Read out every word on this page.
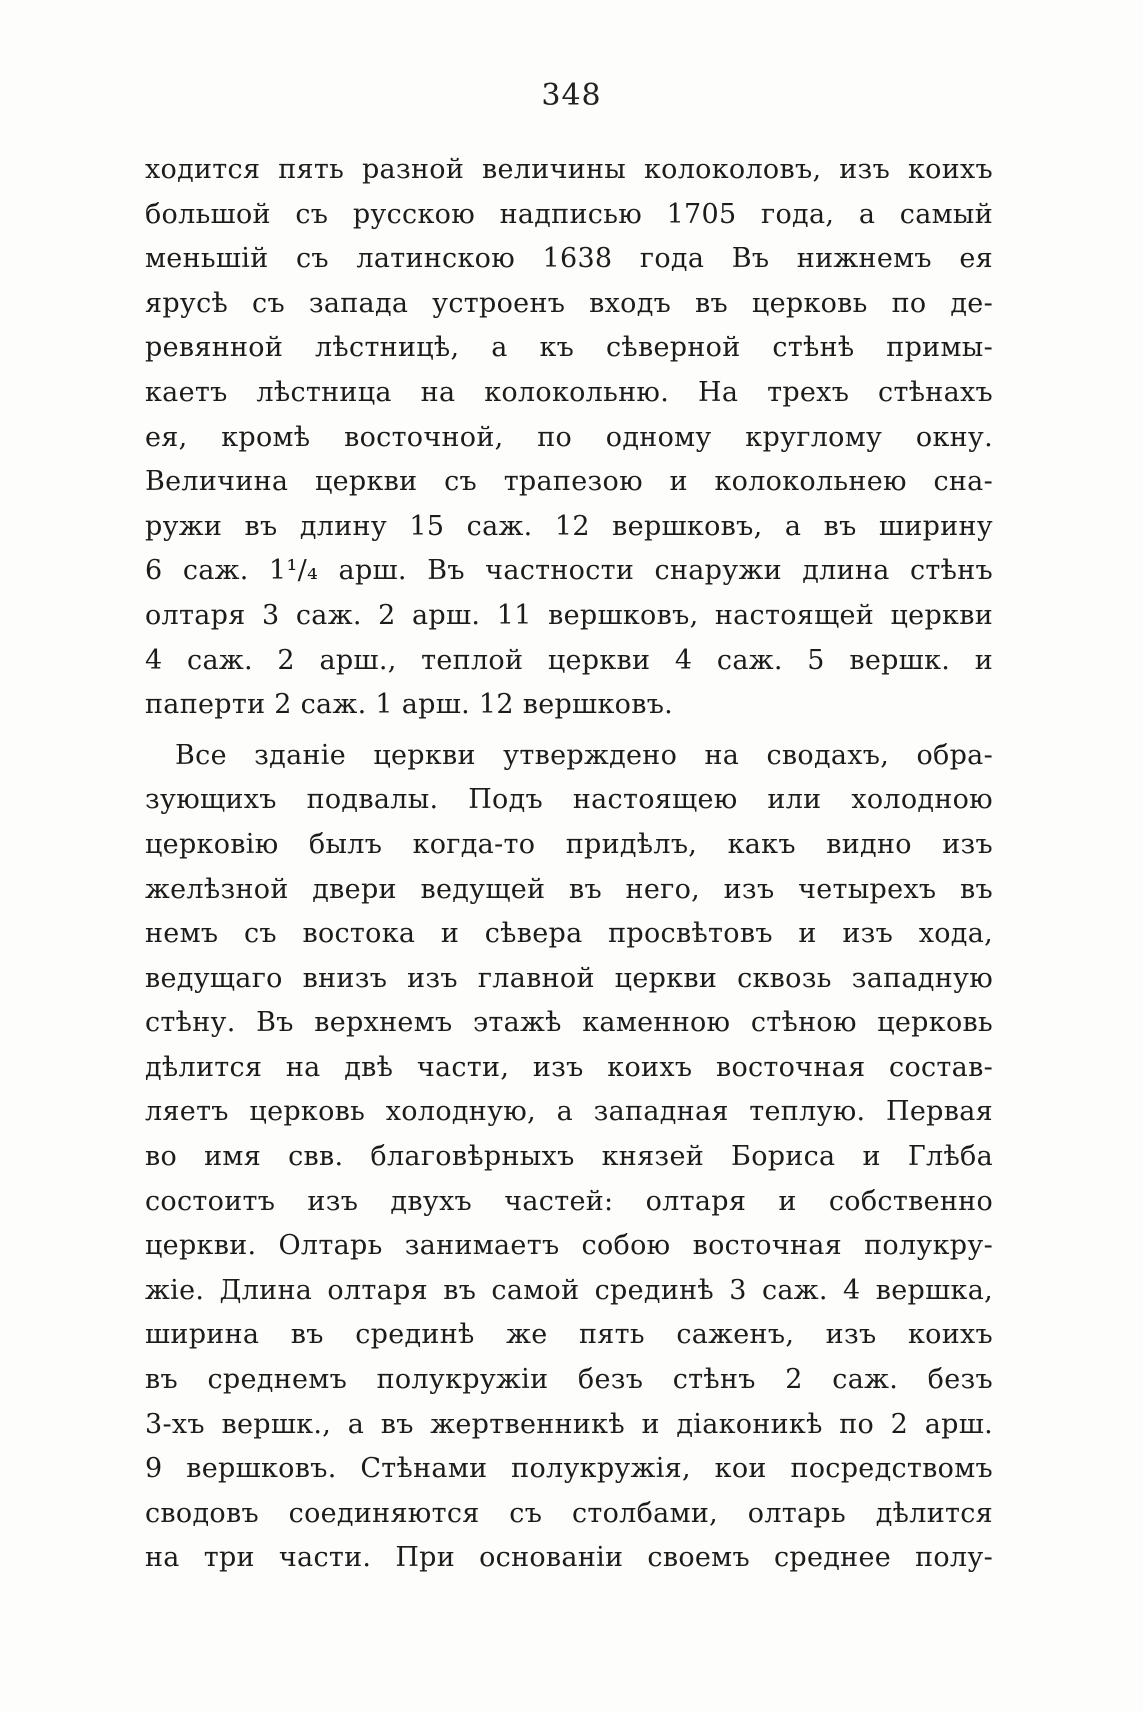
348
ходится пять разной величины колоколовъ, изъ коихъ
большой съ русскою надписью 1705 года, а самый
меньшій съ латинскою 1638 года Въ нижнемъ ея
ярусѣ съ запада устроенъ входъ въ церковь по де-
ревянной лѣстницѣ, а къ сѣверной стѣнѣ примы-
каетъ лѣстница на колокольню. На трехъ стѣнахъ
ея, кромѣ восточной, по одному круглому окну.
Величина церкви съ трапезою и колокольнею сна-
ружи въ длину 15 саж. 12 вершковъ, а въ ширину
6 саж. 1¹/₄ арш. Въ частности снаружи длина стѣнъ
олтаря 3 саж. 2 арш. 11 вершковъ, настоящей церкви
4 саж. 2 арш., теплой церкви 4 саж. 5 вершк. и
паперти 2 саж. 1 арш. 12 вершковъ.
Все зданіе церкви утверждено на сводахъ, обра-
зующихъ подвалы. Подъ настоящею или холодною
церковію былъ когда-то придѣлъ, какъ видно изъ
желѣзной двери ведущей въ него, изъ четырехъ въ
немъ съ востока и сѣвера просвѣтовъ и изъ хода,
ведущаго внизъ изъ главной церкви сквозь западную
стѣну. Въ верхнемъ этажѣ каменною стѣною церковь
дѣлится на двѣ части, изъ коихъ восточная состав-
ляетъ церковь холодную, а западная теплую. Первая
во имя свв. благовѣрныхъ князей Бориса и Глѣба
состоитъ изъ двухъ частей: олтаря и собственно
церкви. Олтарь занимаетъ собою восточная полукру-
жіе. Длина олтаря въ самой срединѣ 3 саж. 4 вершка,
ширина въ срединѣ же пять саженъ, изъ коихъ
въ среднемъ полукружіи безъ стѣнъ 2 саж. безъ
3-хъ вершк., а въ жертвенникѣ и діаконикѣ по 2 арш.
9 вершковъ. Стѣнами полукружія, кои посредствомъ
сводовъ соединяются съ столбами, олтарь дѣлится
на три части. При основаніи своемъ среднее полу-
